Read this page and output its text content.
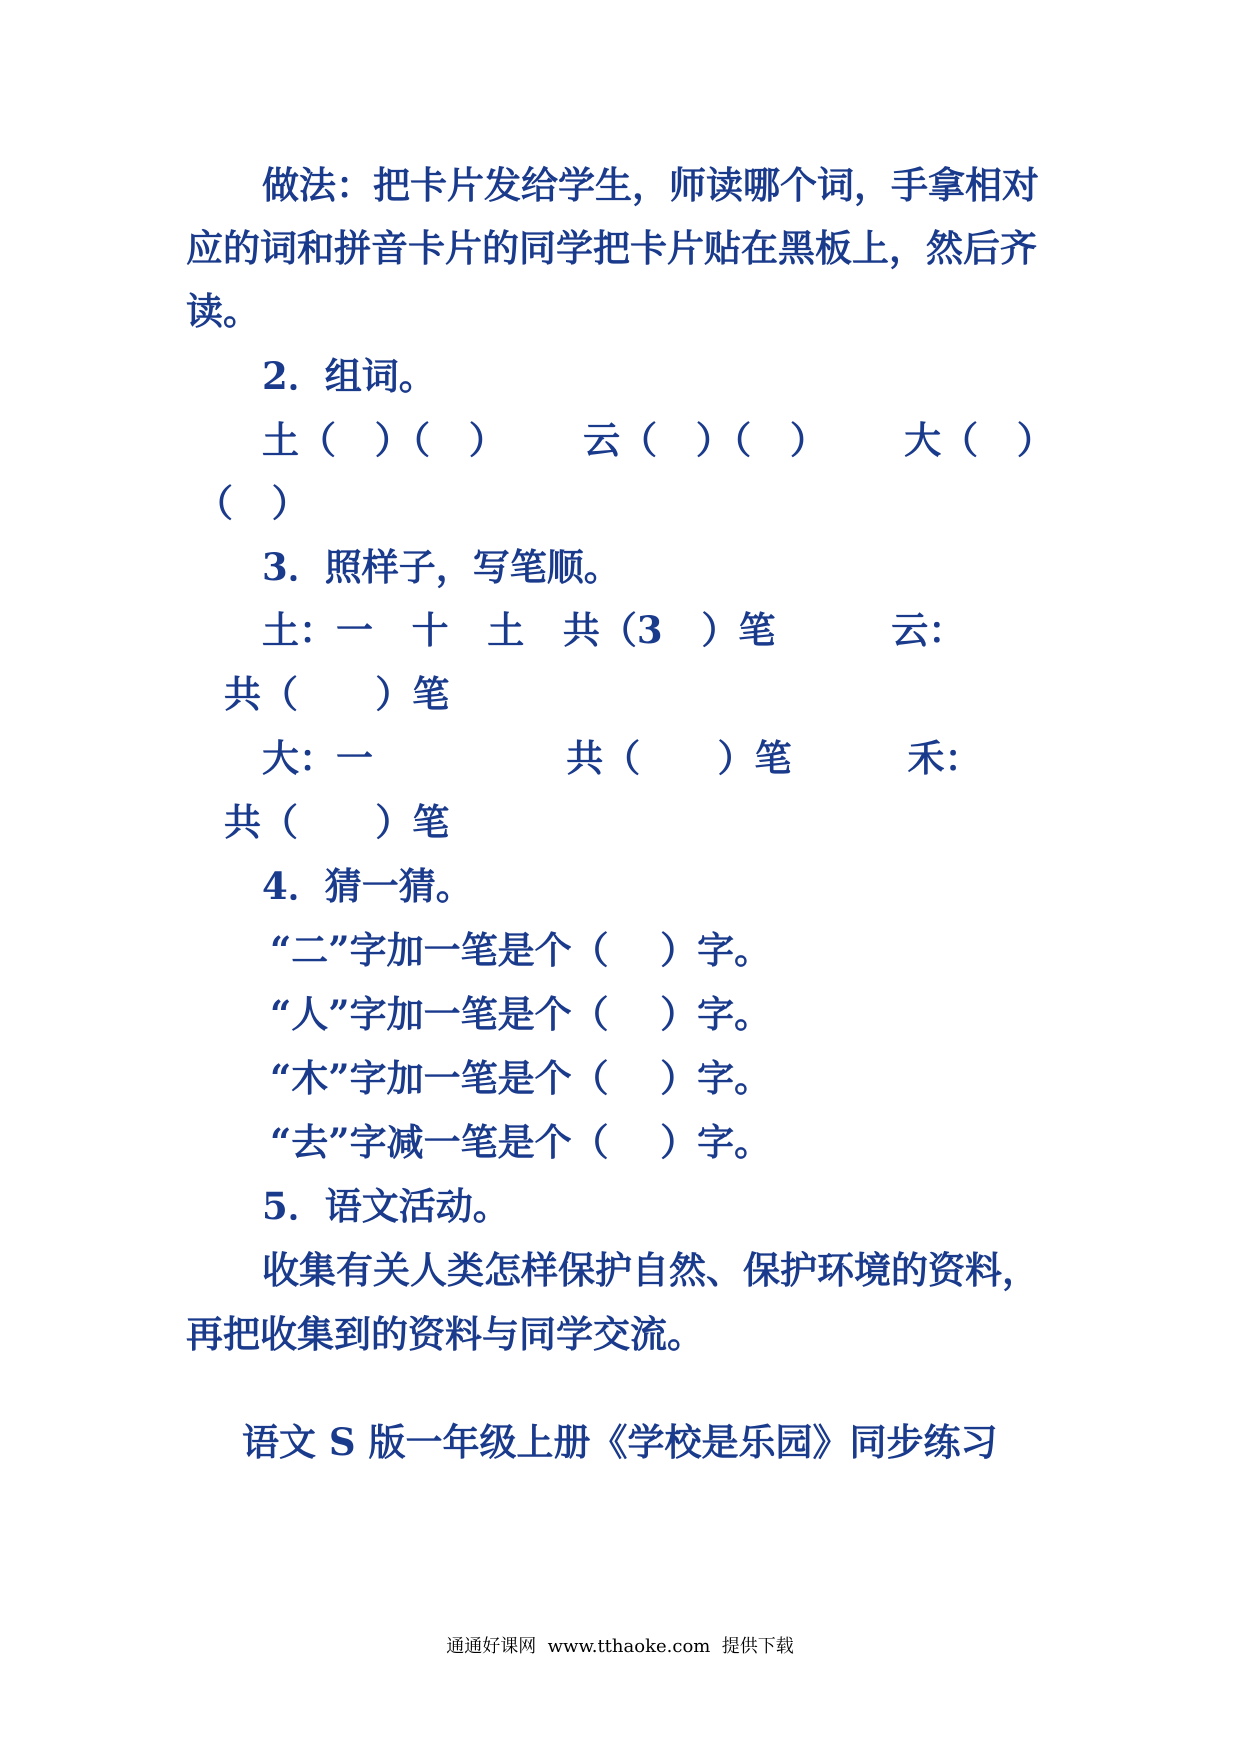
做法：把卡片发给学生，师读哪个词，手拿相对
应的词和拼音卡片的同学把卡片贴在黑板上，然后齐
读。
2．组词。
土（   ）（   ）      云（   ）（   ）      大（   ）
（   ）
3．照样子，写笔顺。
土：一   十   土   共（3   ）笔         云：
共（      ）笔
大：一               共（      ）笔         禾：
共（      ）笔
4．猜一猜。
“二”字加一笔是个（    ）字。
“人”字加一笔是个（    ）字。
“木”字加一笔是个（    ）字。
“去”字减一笔是个（    ）字。
5．语文活动。
收集有关人类怎样保护自然、保护环境的资料，
再把收集到的资料与同学交流。
语文 S 版一年级上册《学校是乐园》同步练习
通通好课网  www.tthaoke.com  提供下载
